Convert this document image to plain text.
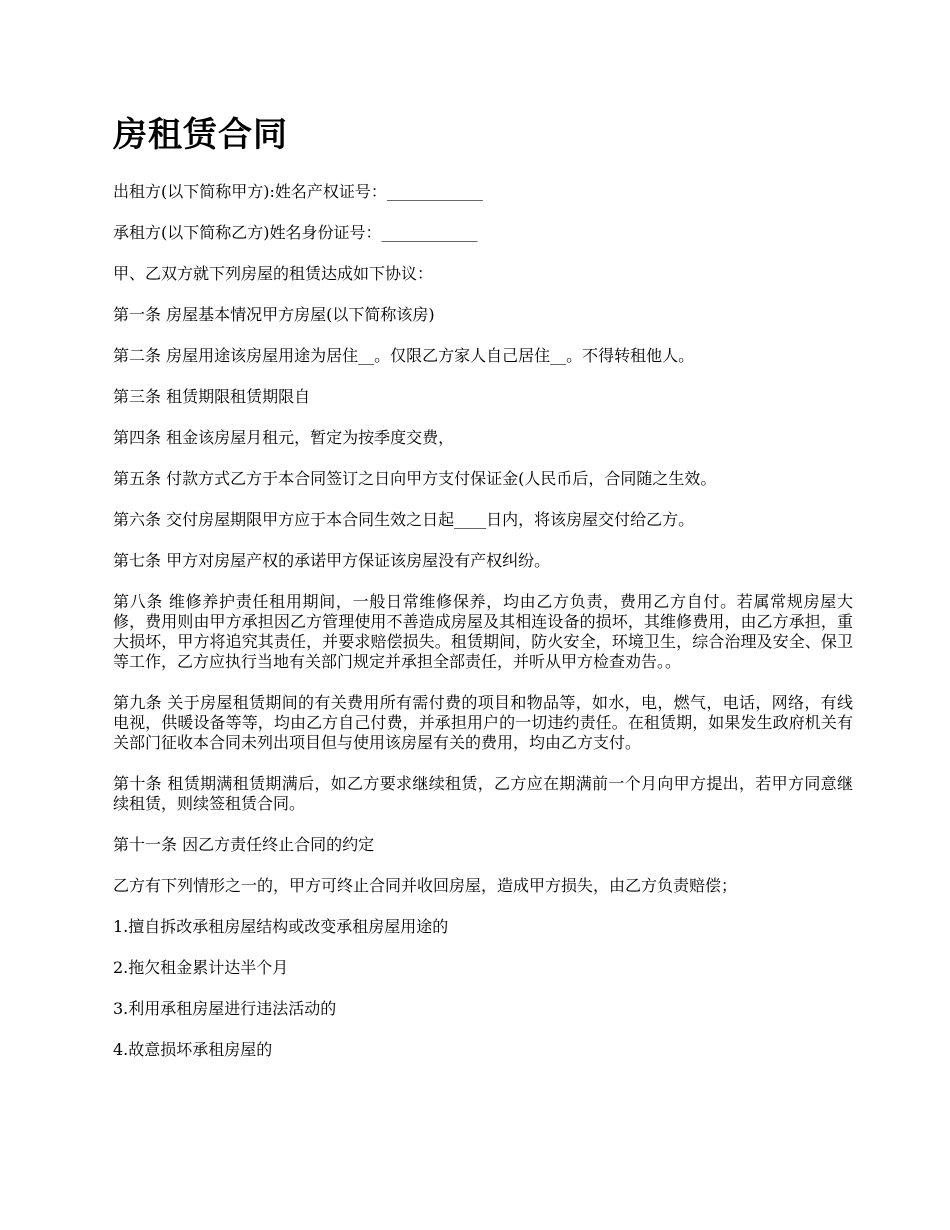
房租赁合同

出租方(以下简称甲方):姓名产权证号：____________

承租方(以下简称乙方)姓名身份证号：____________

甲、乙双方就下列房屋的租赁达成如下协议：

第一条 房屋基本情况甲方房屋(以下简称该房)

第二条 房屋用途该房屋用途为居住__。仅限乙方家人自己居住__。不得转租他人。

第三条 租赁期限租赁期限自

第四条 租金该房屋月租元，暂定为按季度交费，

第五条 付款方式乙方于本合同签订之日向甲方支付保证金(人民币后，合同随之生效。

第六条 交付房屋期限甲方应于本合同生效之日起____日内，将该房屋交付给乙方。

第七条 甲方对房屋产权的承诺甲方保证该房屋没有产权纠纷。

第八条 维修养护责任租用期间，一般日常维修保养，均由乙方负责，费用乙方自付。若属常规房屋大修，费用则由甲方承担因乙方管理使用不善造成房屋及其相连设备的损坏，其维修费用，由乙方承担，重大损坏，甲方将追究其责任，并要求赔偿损失。租赁期间，防火安全，环境卫生，综合治理及安全、保卫等工作，乙方应执行当地有关部门规定并承担全部责任，并听从甲方检查劝告。。

第九条 关于房屋租赁期间的有关费用所有需付费的项目和物品等，如水，电，燃气，电话，网络，有线电视，供暖设备等等，均由乙方自己付费，并承担用户的一切违约责任。在租赁期，如果发生政府机关有关部门征收本合同未列出项目但与使用该房屋有关的费用，均由乙方支付。

第十条 租赁期满租赁期满后，如乙方要求继续租赁，乙方应在期满前一个月向甲方提出，若甲方同意继续租赁，则续签租赁合同。

第十一条 因乙方责任终止合同的约定

乙方有下列情形之一的，甲方可终止合同并收回房屋，造成甲方损失，由乙方负责赔偿；

1.擅自拆改承租房屋结构或改变承租房屋用途的

2.拖欠租金累计达半个月

3.利用承租房屋进行违法活动的

4.故意损坏承租房屋的
